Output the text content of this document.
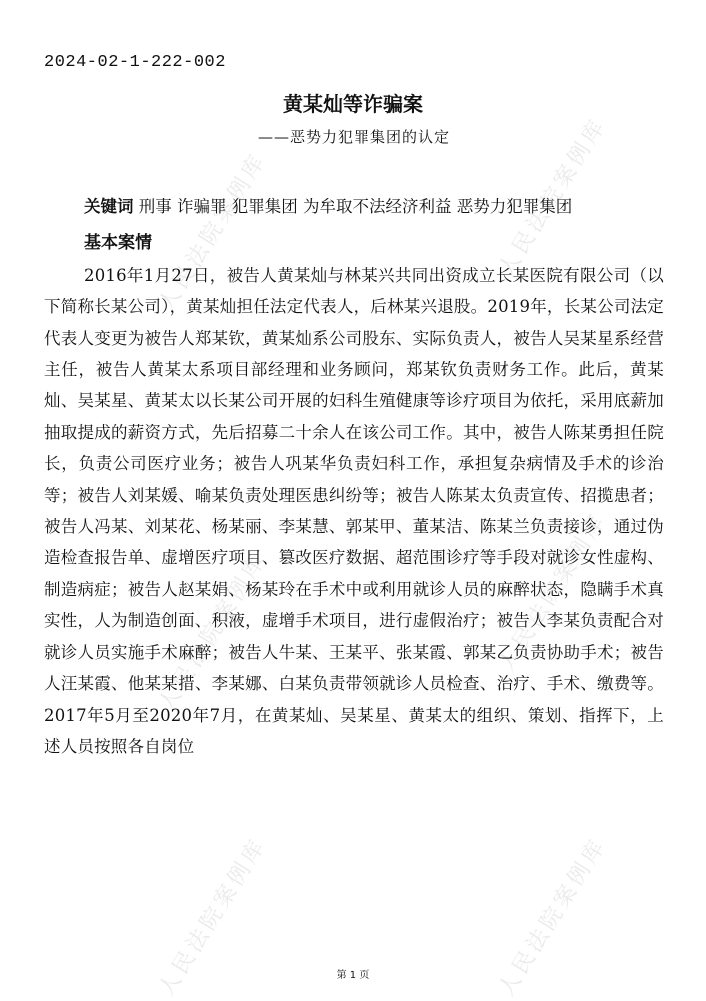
人民法院案例库	人民法院案例库
人民法院案例库	人民法院案例库
人民法院案例库	人民法院案例库
2024-02-1-222-002
黄某灿等诈骗案
——恶势力犯罪集团的认定

关键词 刑事 诈骗罪 犯罪集团 为牟取不法经济利益 恶势力犯罪集团

基本案情

2016年1月27日，被告人黄某灿与林某兴共同出资成立长某医院有限公司（以下简称长某公司），黄某灿担任法定代表人，后林某兴退股。2019年，长某公司法定代表人变更为被告人郑某钦，黄某灿系公司股东、实际负责人，被告人吴某星系经营主任，被告人黄某太系项目部经理和业务顾问，郑某钦负责财务工作。此后，黄某灿、吴某星、黄某太以长某公司开展的妇科生殖健康等诊疗项目为依托，采用底薪加抽取提成的薪资方式，先后招募二十余人在该公司工作。其中，被告人陈某勇担任院长，负责公司医疗业务；被告人巩某华负责妇科工作，承担复杂病情及手术的诊治等；被告人刘某媛、喻某负责处理医患纠纷等；被告人陈某太负责宣传、招揽患者；被告人冯某、刘某花、杨某丽、李某慧、郭某甲、董某洁、陈某兰负责接诊，通过伪造检查报告单、虚增医疗项目、篡改医疗数据、超范围诊疗等手段对就诊女性虚构、制造病症；被告人赵某娟、杨某玲在手术中或利用就诊人员的麻醉状态，隐瞒手术真实性，人为制造创面、积液，虚增手术项目，进行虚假治疗；被告人李某负责配合对就诊人员实施手术麻醉；被告人牛某、王某平、张某霞、郭某乙负责协助手术；被告人汪某霞、他某某措、李某娜、白某负责带领就诊人员检查、治疗、手术、缴费等。2017年5月至2020年7月，在黄某灿、吴某星、黄某太的组织、策划、指挥下，上述人员按照各自岗位

第 1 页
